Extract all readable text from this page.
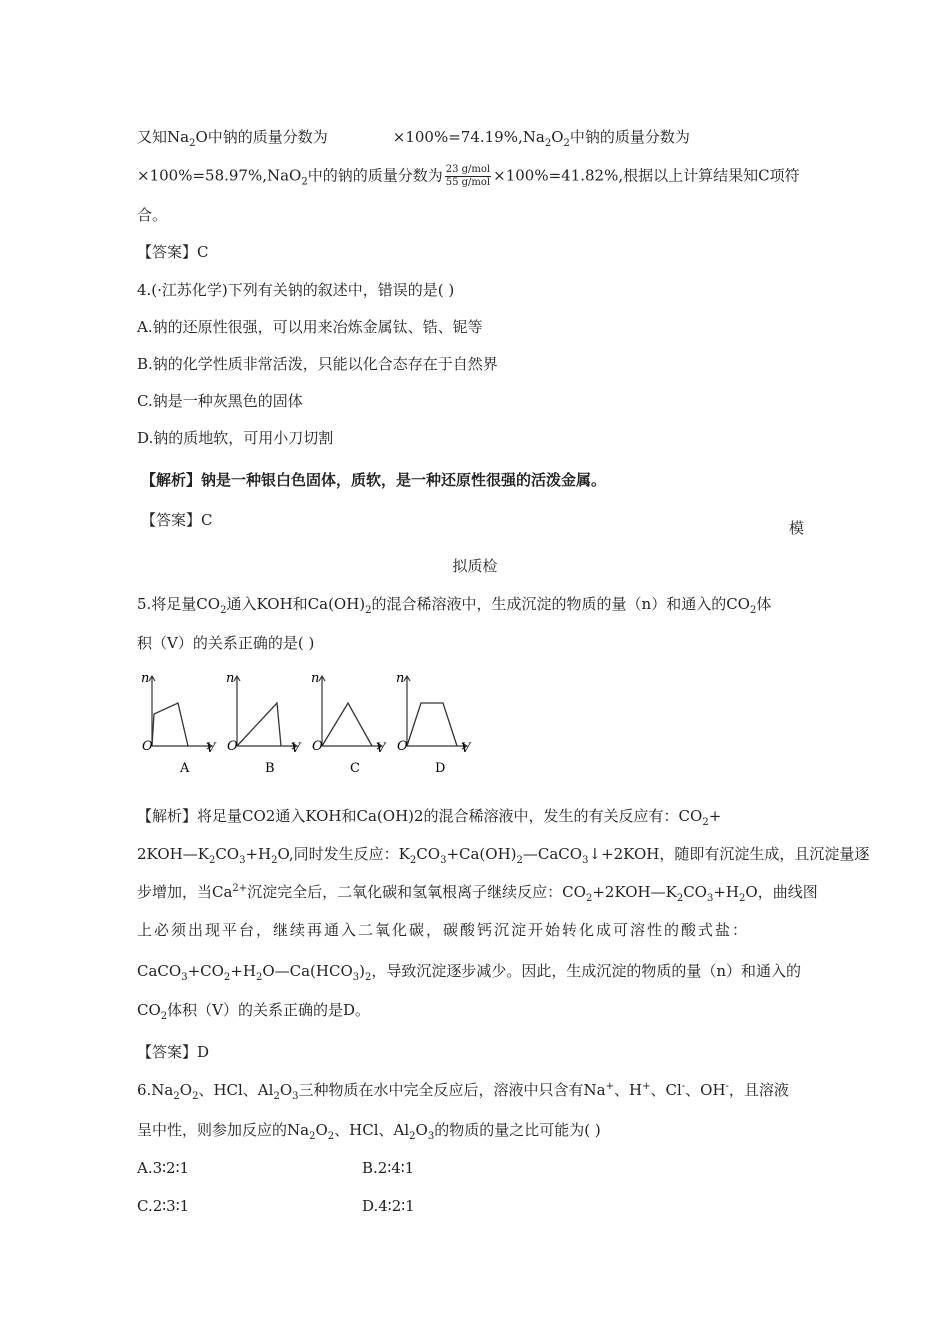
又知$Na_2O$中钠的质量分数为	$\times 100\%=74.19\%,Na_2O_2$中钠的质量分数为
×100%=58.97%,NaO$_2$中的钠的质量分数为 $\frac{\text{23 g/mol}}{\text{55 g/mol}} \times 100\%=41.82\%$,根据以上计算结果知C项符
合。
【答案】C
4.(·江苏化学)下列有关钠的叙述中，错误的是( )
A.钠的还原性很强，可以用来冶炼金属钛、锆、铌等
B.钠的化学性质非常活泼，只能以化合态存在于自然界
C.钠是一种灰黑色的固体
D.钠的质地软，可用小刀切割
【解析】钠是一种银白色固体，质软，是一种还原性很强的活泼金属。
【答案】C	模
拟质检
5.将足量$CO_2$通入KOH和$Ca(OH)_2$的混合稀溶液中，生成沉淀的物质的量（n）和通入的$CO_2$体
积（V）的关系正确的是( )
O
n
V
A
O
n
V
B
O
n
V
C
O
n
V
D
【解析】将足量CO2通入KOH和Ca(OH)2的混合稀溶液中，发生的有关反应有：$CO_2+$
$2KOH—K_2CO_3+H_2O$,同时发生反应：$K_2CO_3+Ca(OH)_2—CaCO_3↓+2KOH$，随即有沉淀生成，且沉淀量逐
步增加，当$Ca^{2+}$沉淀完全后，二氧化碳和氢氧根离子继续反应：$CO_2+2KOH—K_2CO_3+H_2O$，曲线图
上必须出现平台，继续再通入二氧化碳，碳酸钙沉淀开始转化成可溶性的酸式盐：
$CaCO_3+CO_2+H_2O—Ca(HCO_3)_2$，导致沉淀逐步减少。因此，生成沉淀的物质的量（n）和通入的
$CO_2$体积（V）的关系正确的是D。
【答案】D
$6.Na_2O_2$、HCl、$Al_2O_3$三种物质在水中完全反应后，溶液中只含有Na+、H+、Cl-、OH-，且溶液
呈中性，则参加反应的$Na_2O_2$、HCl、$Al_2O_3$的物质的量之比可能为( )
A.3∶2∶1	B.2∶4∶1
C.2∶3∶1	D.4∶2∶1
